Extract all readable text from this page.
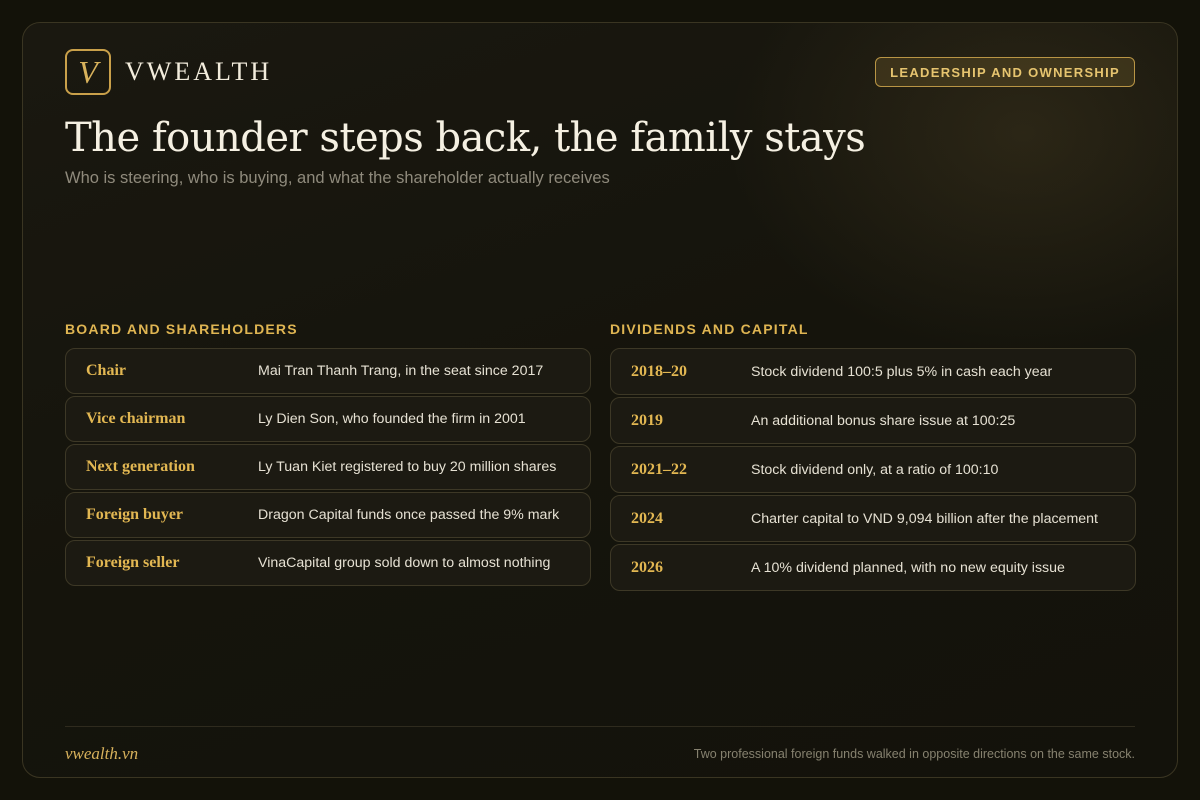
V VWEALTH	LEADERSHIP AND OWNERSHIP
The founder steps back, the family stays
Who is steering, who is buying, and what the shareholder actually receives
BOARD AND SHAREHOLDERS
Chair	Mai Tran Thanh Trang, in the seat since 2017
Vice chairman	Ly Dien Son, who founded the firm in 2001
Next generation	Ly Tuan Kiet registered to buy 20 million shares
Foreign buyer	Dragon Capital funds once passed the 9% mark
Foreign seller	VinaCapital group sold down to almost nothing
DIVIDENDS AND CAPITAL
2018–20	Stock dividend 100:5 plus 5% in cash each year
2019	An additional bonus share issue at 100:25
2021–22	Stock dividend only, at a ratio of 100:10
2024	Charter capital to VND 9,094 billion after the placement
2026	A 10% dividend planned, with no new equity issue
vwealth.vn	Two professional foreign funds walked in opposite directions on the same stock.
